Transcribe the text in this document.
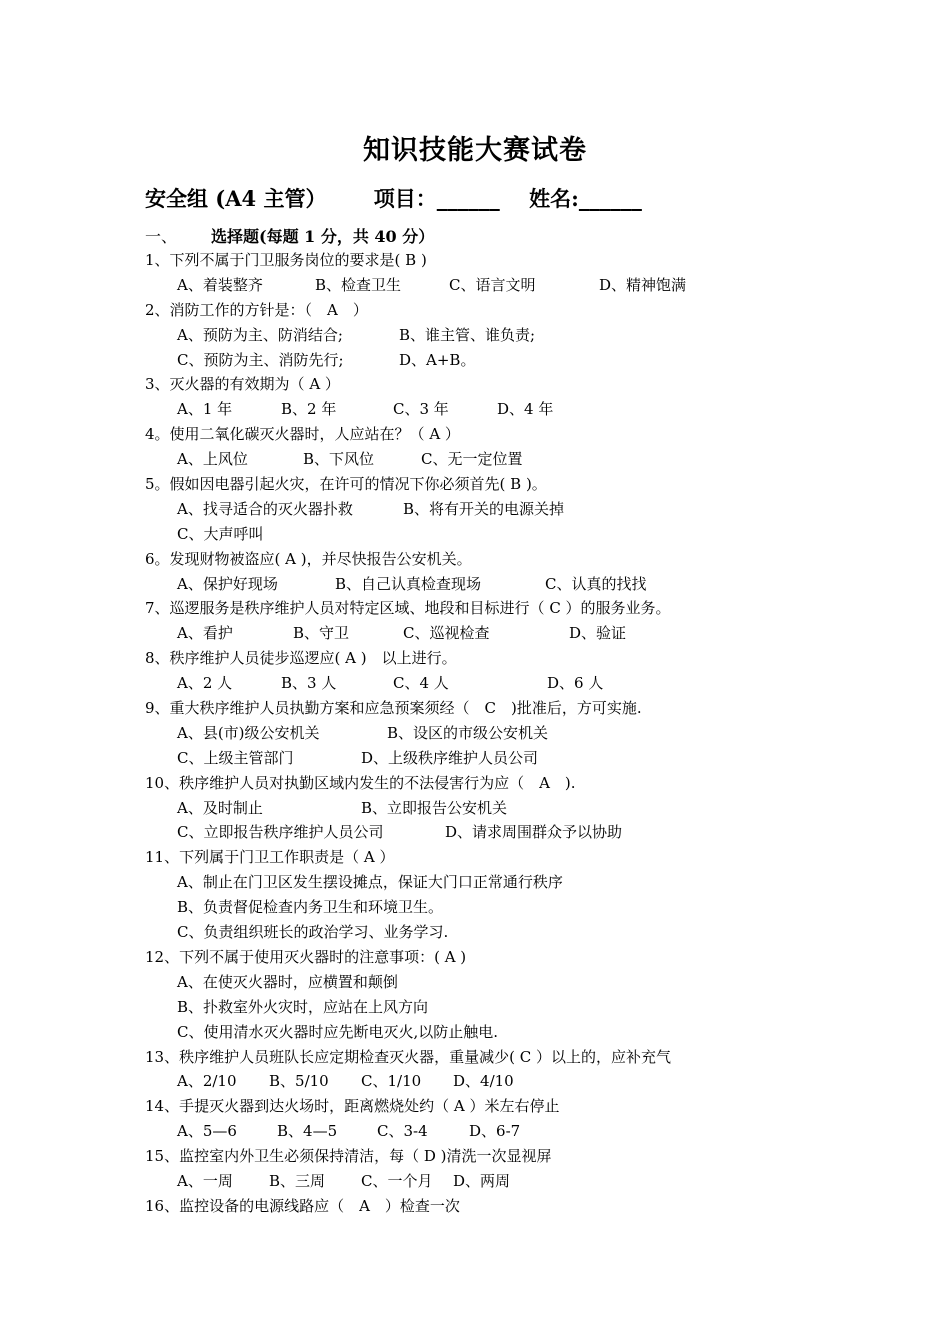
知识技能大赛试卷
安全组 (A4 主管） 项目：______ 姓名:______
一、 选择题(每题 1 分，共 40 分）
1、下列不属于门卫服务岗位的要求是( B )
A、着装整齐	B、检查卫生	C、语言文明	D、精神饱满
2、消防工作的方针是：（　A　）
A、预防为主、防消结合;	B、谁主管、谁负责;
C、预防为主、消防先行;	D、A+B。
3、灭火器的有效期为（ A ）
A、1 年	B、2 年	C、3 年	D、4 年
4。使用二氧化碳灭火器时，人应站在？（ A ）
A、上风位	B、下风位	C、无一定位置
5。假如因电器引起火灾，在许可的情况下你必须首先( B )。
A、找寻适合的灭火器扑救	B、将有开关的电源关掉
C、大声呼叫
6。发现财物被盗应( A )，并尽快报告公安机关。
A、保护好现场	B、自己认真检查现场	C、认真的找找
7、巡逻服务是秩序维护人员对特定区域、地段和目标进行（ C ）的服务业务。
A、看护	B、守卫	C、巡视检查	D、验证
8、秩序维护人员徒步巡逻应( A )　以上进行。
A、2 人	B、3 人	C、4 人	D、6 人
9、重大秩序维护人员执勤方案和应急预案须经（　C　)批准后，方可实施.
A、县(市)级公安机关	B、设区的市级公安机关
C、上级主管部门	D、上级秩序维护人员公司
10、秩序维护人员对执勤区域内发生的不法侵害行为应（　A　).
A、及时制止	B、立即报告公安机关
C、立即报告秩序维护人员公司	D、请求周围群众予以协助
11、下列属于门卫工作职责是（ A ）
A、制止在门卫区发生摆设摊点，保证大门口正常通行秩序
B、负责督促检查内务卫生和环境卫生。
C、负责组织班长的政治学习、业务学习.
12、下列不属于使用灭火器时的注意事项：( A )
A、在使灭火器时，应横置和颠倒
B、扑救室外火灾时，应站在上风方向
C、使用清水灭火器时应先断电灭火,以防止触电.
13、秩序维护人员班队长应定期检查灭火器，重量减少( C ）以上的，应补充气
A、2/10 B、5/10 C、1/10 D、4/10
14、手提灭火器到达火场时，距离燃烧处约（ A ）米左右停止
A、5—6	B、4—5	C、3-4	D、6-7
15、监控室内外卫生必须保持清洁，每（ D )清洗一次显视屏
A、一周 B、三周 C、一个月 D、两周
16、监控设备的电源线路应（　A　）检查一次
